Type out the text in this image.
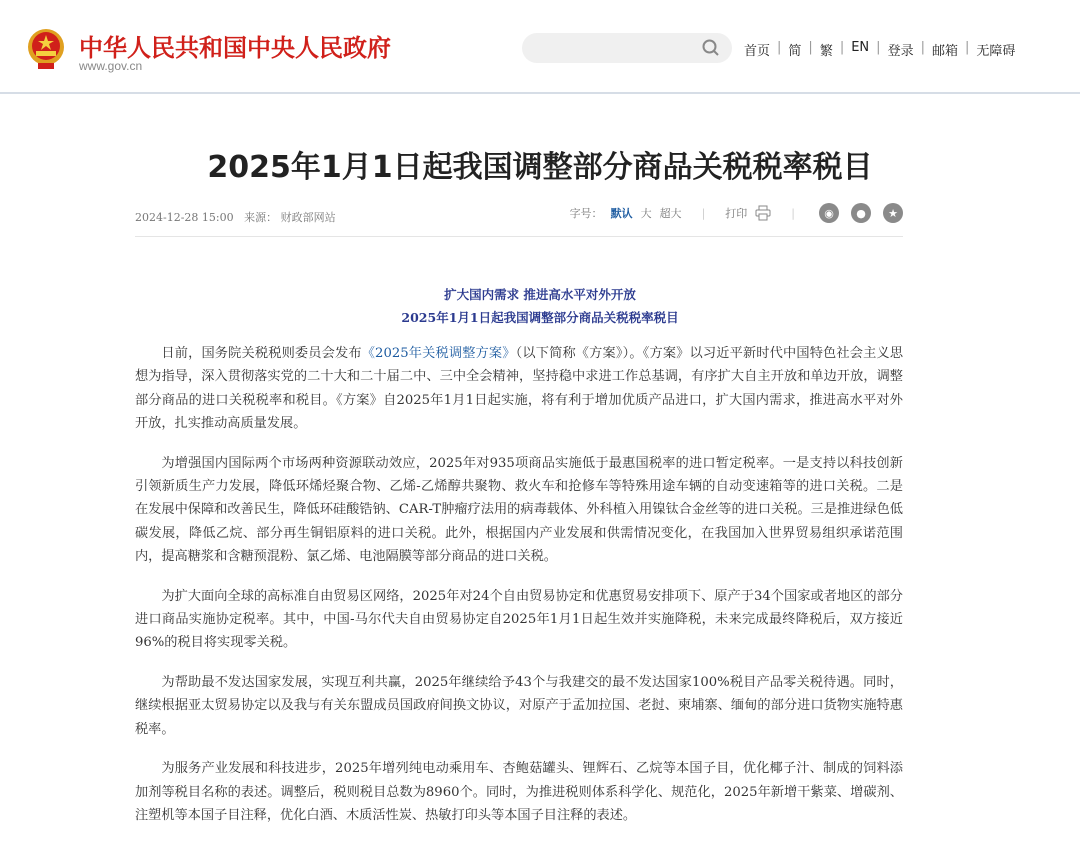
中华人民共和国中央人民政府
www.gov.cn
首页 | 简 | 繁 | EN | 登录 | 邮箱 | 无障碍
2025年1月1日起我国调整部分商品关税税率税目
2024-12-28 15:00 来源： 财政部网站	字号： 默认 大 超大 | 打印	|	◉	●	★
扩大国内需求 推进高水平对外开放
2025年1月1日起我国调整部分商品关税税率税目

日前，国务院关税税则委员会发布《2025年关税调整方案》（以下简称《方案》）。《方案》以习近平新时代中国特色社会主义思想为指导，深入贯彻落实党的二十大和二十届二中、三中全会精神，坚持稳中求进工作总基调，有序扩大自主开放和单边开放，调整部分商品的进口关税税率和税目。《方案》自2025年1月1日起实施，将有利于增加优质产品进口，扩大国内需求，推进高水平对外开放，扎实推动高质量发展。

为增强国内国际两个市场两种资源联动效应，2025年对935项商品实施低于最惠国税率的进口暂定税率。一是支持以科技创新引领新质生产力发展，降低环烯烃聚合物、乙烯-乙烯醇共聚物、救火车和抢修车等特殊用途车辆的自动变速箱等的进口关税。二是在发展中保障和改善民生，降低环硅酸锆钠、CAR-T肿瘤疗法用的病毒载体、外科植入用镍钛合金丝等的进口关税。三是推进绿色低碳发展，降低乙烷、部分再生铜铝原料的进口关税。此外，根据国内产业发展和供需情况变化，在我国加入世界贸易组织承诺范围内，提高糖浆和含糖预混粉、氯乙烯、电池隔膜等部分商品的进口关税。

为扩大面向全球的高标准自由贸易区网络，2025年对24个自由贸易协定和优惠贸易安排项下、原产于34个国家或者地区的部分进口商品实施协定税率。其中，中国-马尔代夫自由贸易协定自2025年1月1日起生效并实施降税，未来完成最终降税后，双方接近96%的税目将实现零关税。

为帮助最不发达国家发展，实现互利共赢，2025年继续给予43个与我建交的最不发达国家100%税目产品零关税待遇。同时，继续根据亚太贸易协定以及我与有关东盟成员国政府间换文协议，对原产于孟加拉国、老挝、柬埔寨、缅甸的部分进口货物实施特惠税率。

为服务产业发展和科技进步，2025年增列纯电动乘用车、杏鲍菇罐头、锂辉石、乙烷等本国子目，优化椰子汁、制成的饲料添加剂等税目名称的表述。调整后，税则税目总数为8960个。同时，为推进税则体系科学化、规范化，2025年新增干紫菜、增碳剂、注塑机等本国子目注释，优化白酒、木质活性炭、热敏打印头等本国子目注释的表述。
